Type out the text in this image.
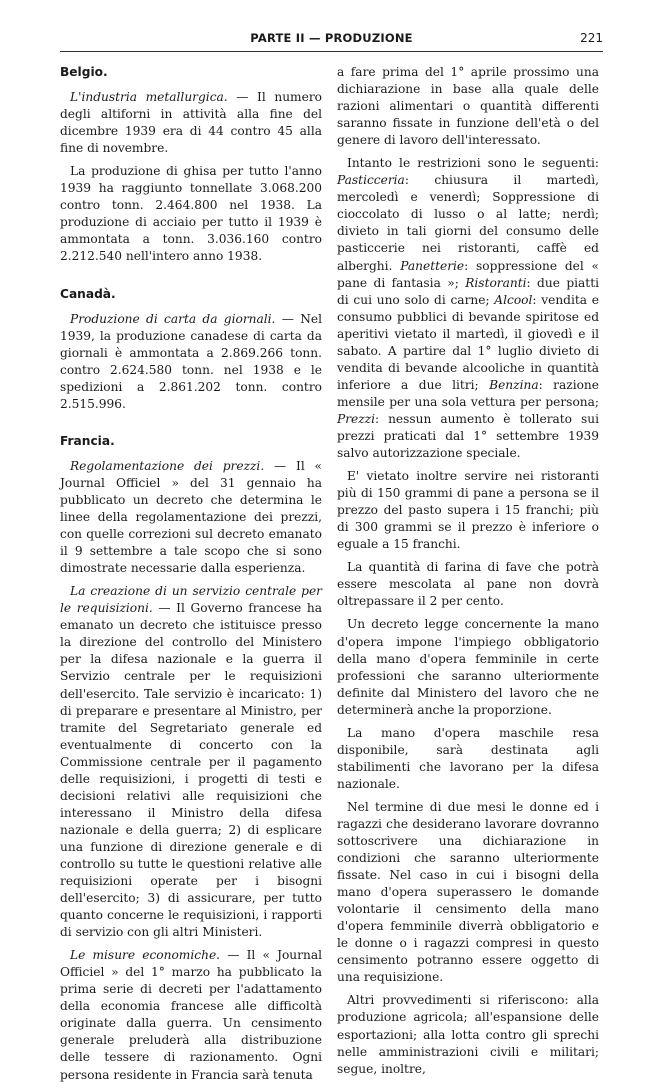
PARTE II — PRODUZIONE	221
Belgio.

L'industria metallurgica. — Il numero degli altiforni in attività alla fine del dicembre 1939 era di 44 contro 45 alla fine di novembre.

La produzione di ghisa per tutto l'anno 1939 ha raggiunto tonnellate 3.068.200 contro tonn. 2.464.800 nel 1938. La produzione di acciaio per tutto il 1939 è ammontata a tonn. 3.036.160 contro 2.212.540 nell'intero anno 1938.

Canadà.

Produzione di carta da giornali. — Nel 1939, la produzione canadese di carta da giornali è ammontata a 2.869.266 tonn. contro 2.624.580 tonn. nel 1938 e le spedizioni a 2.861.202 tonn. contro 2.515.996.

Francia.

Regolamentazione dei prezzi. — Il « Journal Officiel » del 31 gennaio ha pubblicato un decreto che determina le linee della regolamentazione dei prezzi, con quelle correzioni sul decreto emanato il 9 settembre a tale scopo che si sono dimostrate necessarie dalla esperienza.

La creazione di un servizio centrale per le requisizioni. — Il Governo francese ha emanato un decreto che istituisce presso la direzione del controllo del Ministero per la difesa nazionale e la guerra il Servizio centrale per le requisizioni dell'esercito. Tale servizio è incaricato: 1) di preparare e presentare al Ministro, per tramite del Segretariato generale ed eventualmente di concerto con la Commissione centrale per il pagamento delle requisizioni, i progetti di testi e decisioni relativi alle requisizioni che interessano il Ministro della difesa nazionale e della guerra; 2) di esplicare una funzione di direzione generale e di controllo su tutte le questioni relative alle requisizioni operate per i bisogni dell'esercito; 3) di assicurare, per tutto quanto concerne le requisizioni, i rapporti di servizio con gli altri Ministeri.

Le misure economiche. — Il « Journal Officiel » del 1° marzo ha pubblicato la prima serie di decreti per l'adattamento della economia francese alle difficoltà originate dalla guerra. Un censimento generale preluderà alla distribuzione delle tessere di razionamento. Ogni persona residente in Francia sarà tenuta

a fare prima del 1° aprile prossimo una dichiarazione in base alla quale delle razioni alimentari o quantità differenti saranno fissate in funzione dell'età o del genere di lavoro dell'interessato.

Intanto le restrizioni sono le seguenti: Pasticceria: chiusura il martedì, mercoledì e venerdì; Soppressione di cioccolato di lusso o al latte; nerdì; divieto in tali giorni del consumo delle pasticcerie nei ristoranti, caffè ed alberghi. Panetterie: soppressione del « pane di fantasia »; Ristoranti: due piatti di cui uno solo di carne; Alcool: vendita e consumo pubblici di bevande spiritose ed aperitivi vietato il martedì, il giovedì e il sabato. A partire dal 1° luglio divieto di vendita di bevande alcooliche in quantità inferiore a due litri; Benzina: razione mensile per una sola vettura per persona; Prezzi: nessun aumento è tollerato sui prezzi praticati dal 1° settembre 1939 salvo autorizzazione speciale.

E' vietato inoltre servire nei ristoranti più di 150 grammi di pane a persona se il prezzo del pasto supera i 15 franchi; più di 300 grammi se il prezzo è inferiore o eguale a 15 franchi.

La quantità di farina di fave che potrà essere mescolata al pane non dovrà oltrepassare il 2 per cento.

Un decreto legge concernente la mano d'opera impone l'impiego obbligatorio della mano d'opera femminile in certe professioni che saranno ulteriormente definite dal Ministero del lavoro che ne determinerà anche la proporzione.

La mano d'opera maschile resa disponibile, sarà destinata agli stabilimenti che lavorano per la difesa nazionale.

Nel termine di due mesi le donne ed i ragazzi che desiderano lavorare dovranno sottoscrivere una dichiarazione in condizioni che saranno ulteriormente fissate. Nel caso in cui i bisogni della mano d'opera superassero le domande volontarie il censimento della mano d'opera femminile diverrà obbligatorio e le donne o i ragazzi compresi in questo censimento potranno essere oggetto di una requisizione.

Altri provvedimenti si riferiscono: alla produzione agricola; all'espansione delle esportazioni; alla lotta contro gli sprechi nelle amministrazioni civili e militari; segue, inoltre,
